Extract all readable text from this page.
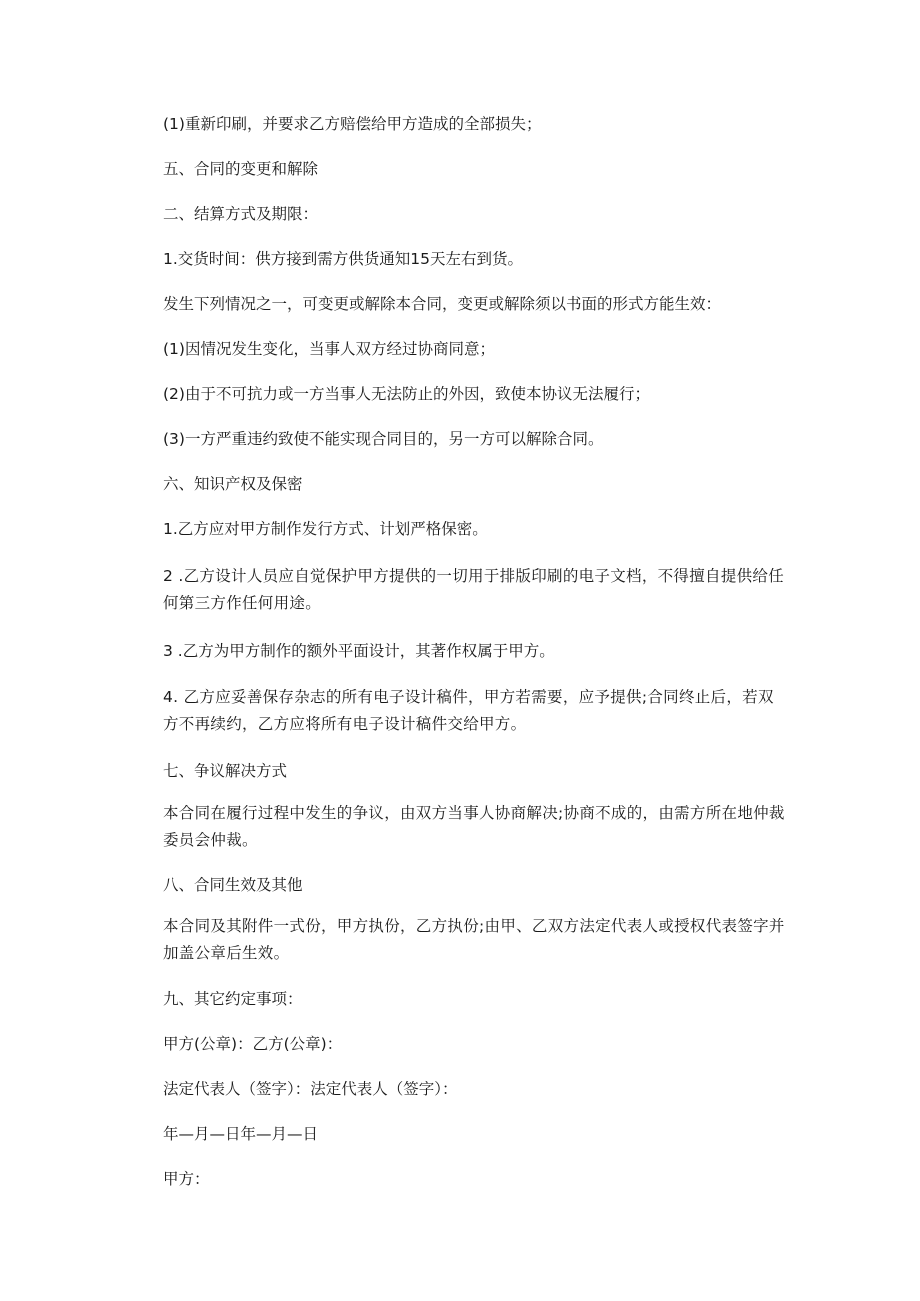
(1)重新印刷，并要求乙方赔偿给甲方造成的全部损失；

五、合同的变更和解除

二、结算方式及期限：

1.交货时间：供方接到需方供货通知15天左右到货。

发生下列情况之一，可变更或解除本合同，变更或解除须以书面的形式方能生效：

(1)因情况发生变化，当事人双方经过协商同意；

(2)由于不可抗力或一方当事人无法防止的外因，致使本协议无法履行；

(3)一方严重违约致使不能实现合同目的，另一方可以解除合同。

六、知识产权及保密

1.乙方应对甲方制作发行方式、计划严格保密。

2 .乙方设计人员应自觉保护甲方提供的一切用于排版印刷的电子文档，不得擅自提供给任何第三方作任何用途。

3 .乙方为甲方制作的额外平面设计，其著作权属于甲方。

4. 乙方应妥善保存杂志的所有电子设计稿件，甲方若需要，应予提供;合同终止后，若双方不再续约，乙方应将所有电子设计稿件交给甲方。

七、争议解决方式

本合同在履行过程中发生的争议，由双方当事人协商解决;协商不成的，由需方所在地仲裁委员会仲裁。

八、合同生效及其他

本合同及其附件一式份，甲方执份，乙方执份;由甲、乙双方法定代表人或授权代表签字并加盖公章后生效。

九、其它约定事项：

甲方(公章)：乙方(公章)：

法定代表人（签字）：法定代表人（签字）：

年—月—日年—月—日

甲方：
